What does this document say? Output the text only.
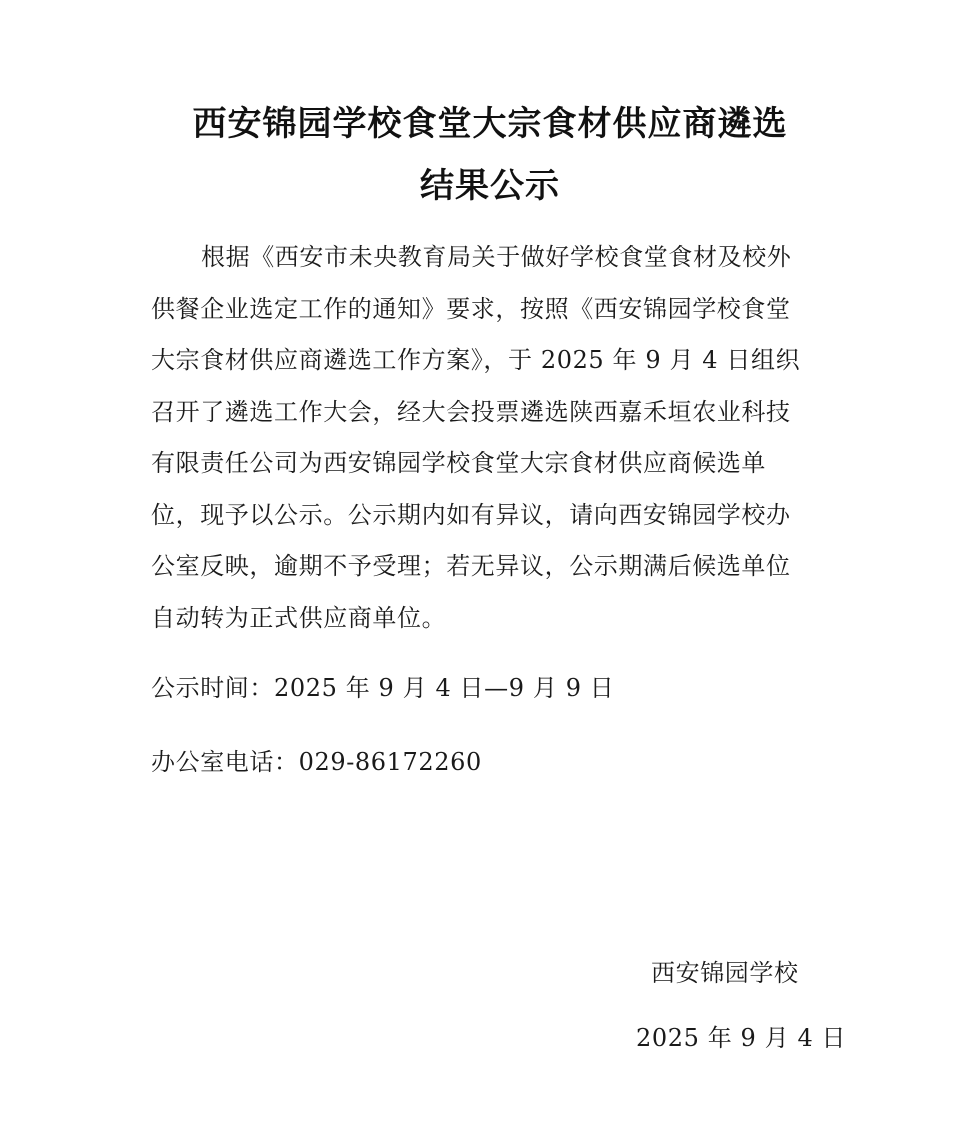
西安锦园学校食堂大宗食材供应商遴选
结果公示
根据《西安市未央教育局关于做好学校食堂食材及校外
供餐企业选定工作的通知》要求，按照《西安锦园学校食堂
大宗食材供应商遴选工作方案》，于 2025 年 9 月 4 日组织
召开了遴选工作大会，经大会投票遴选陕西嘉禾垣农业科技
有限责任公司为西安锦园学校食堂大宗食材供应商候选单
位，现予以公示。公示期内如有异议，请向西安锦园学校办
公室反映，逾期不予受理；若无异议，公示期满后候选单位
自动转为正式供应商单位。
公示时间：2025 年 9 月 4 日—9 月 9 日
办公室电话：029-86172260
西安锦园学校
2025 年 9 月 4 日
